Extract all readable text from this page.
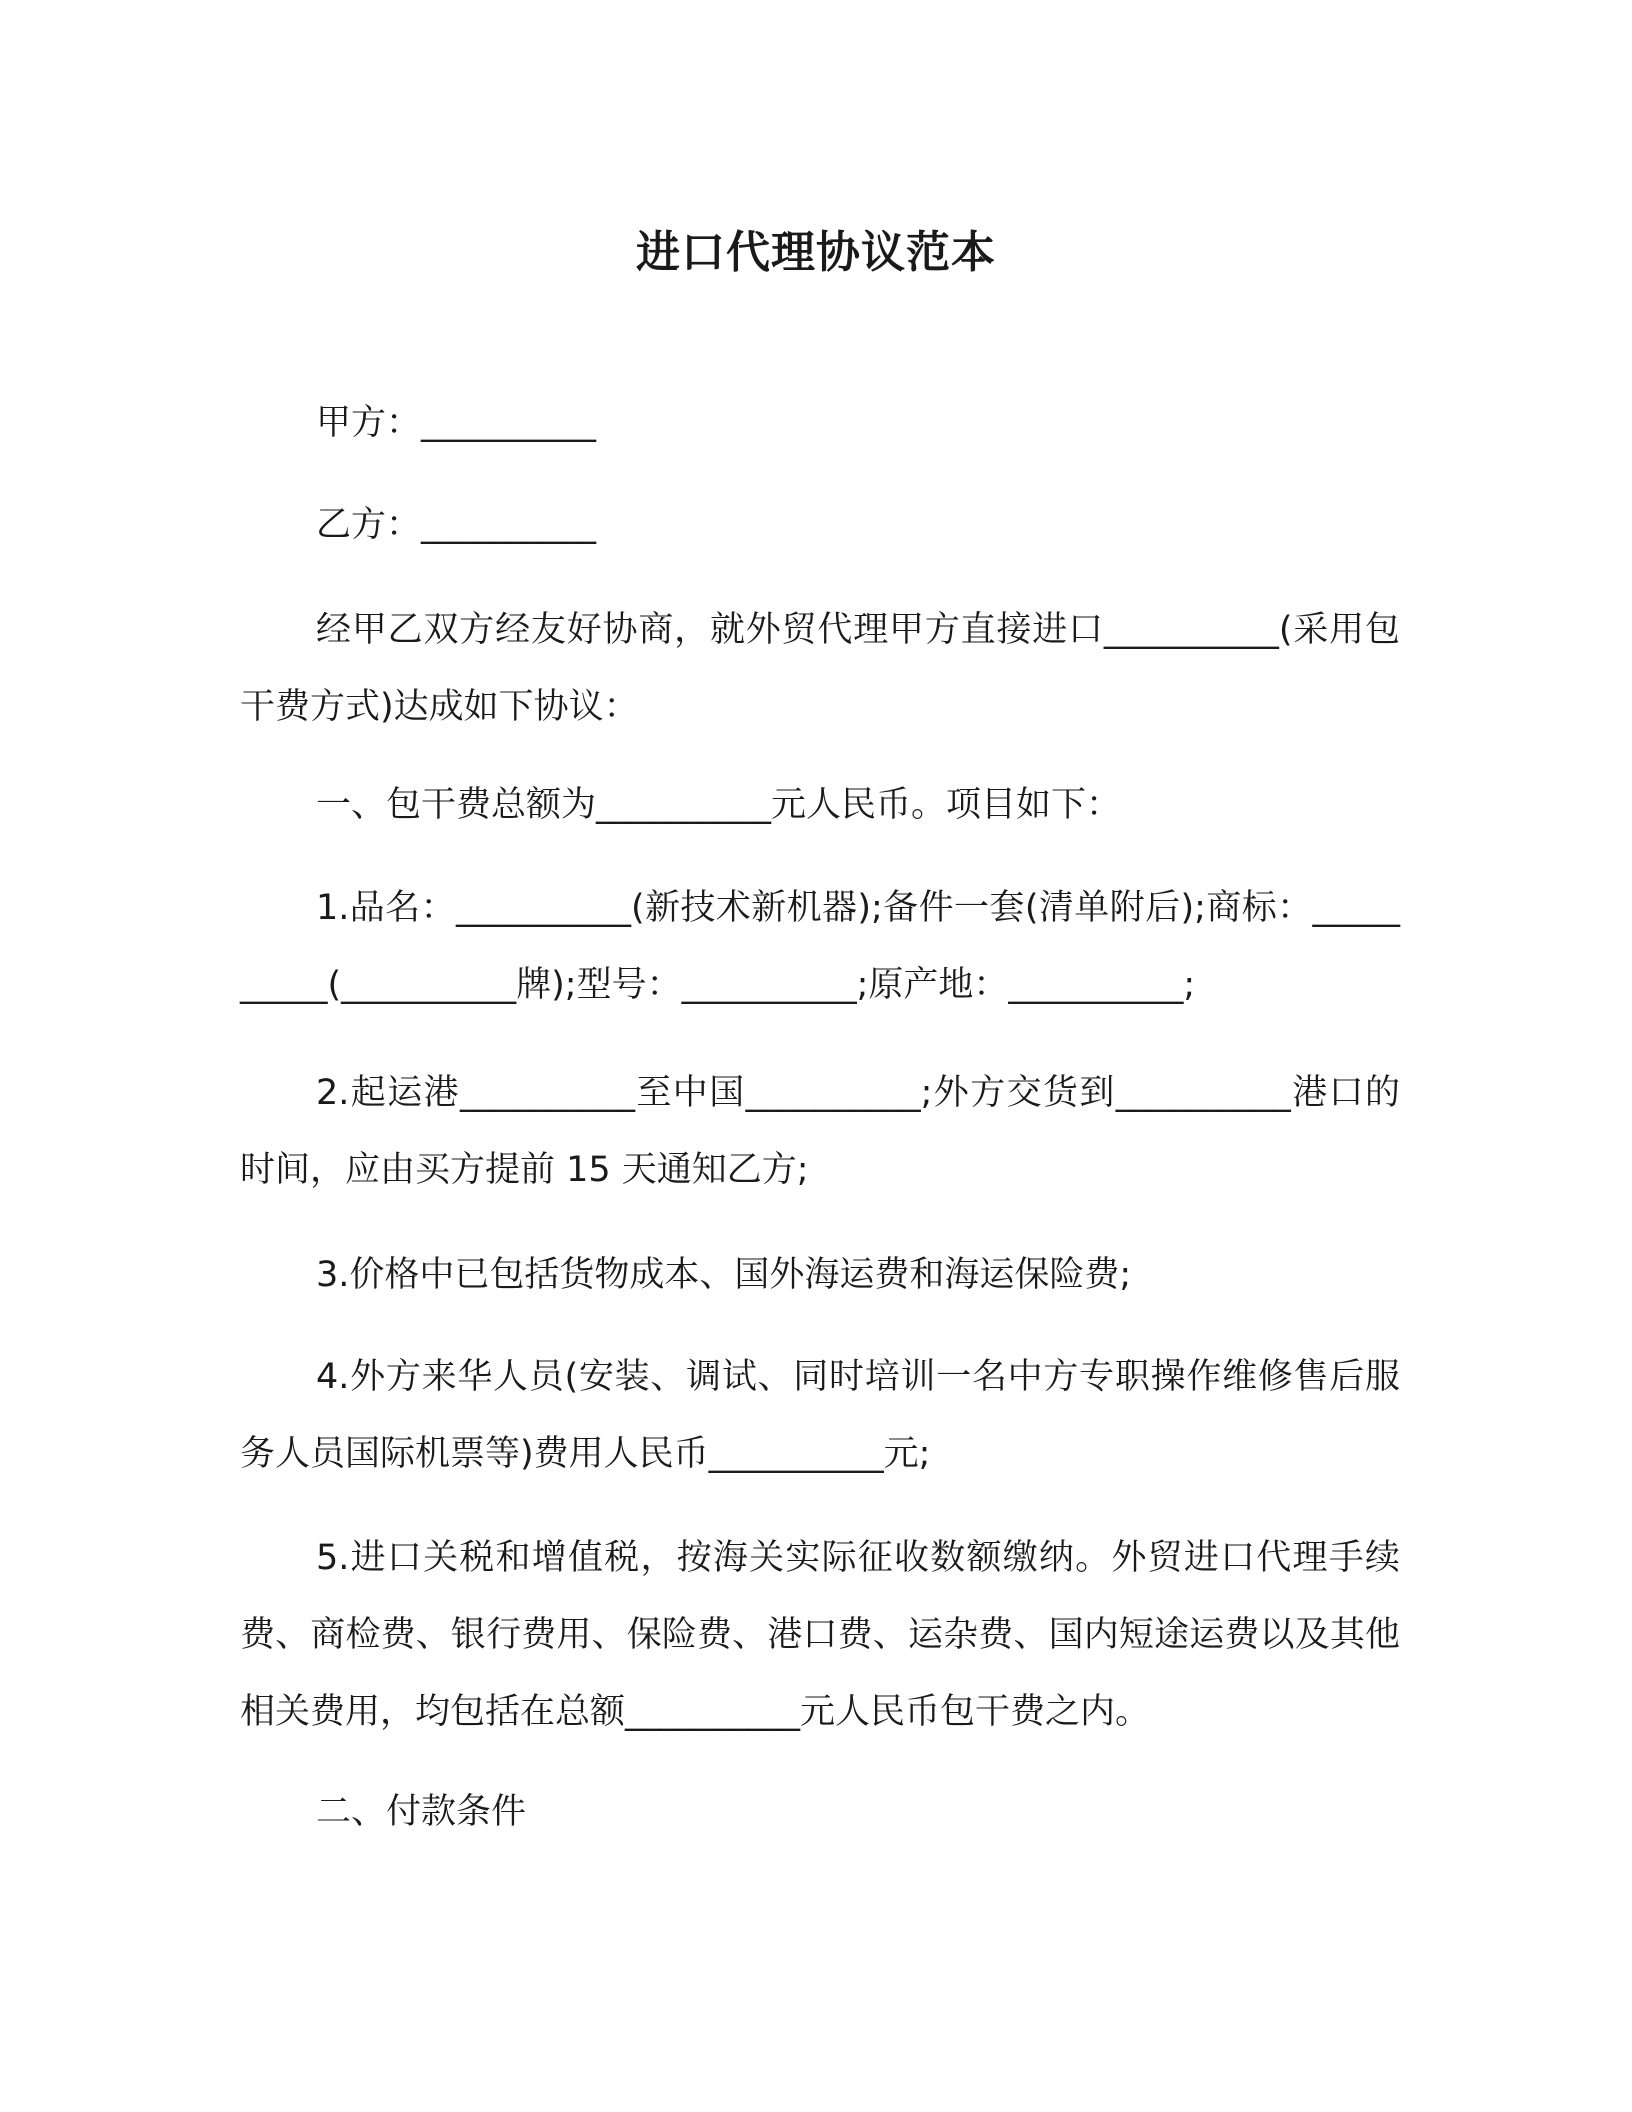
进口代理协议范本
甲方：__________
乙方：__________
经甲乙双方经友好协商，就外贸代理甲方直接进口__________(采用包干费方式)达成如下协议：
一、包干费总额为__________元人民币。项目如下：
1.品名：__________(新技术新机器);备件一套(清单附后);商标：__________(__________牌);型号：__________;原产地：__________;
2.起运港__________至中国__________;外方交货到__________港口的时间，应由买方提前 15 天通知乙方;
3.价格中已包括货物成本、国外海运费和海运保险费;
4.外方来华人员(安装、调试、同时培训一名中方专职操作维修售后服务人员国际机票等)费用人民币__________元;
5.进口关税和增值税，按海关实际征收数额缴纳。外贸进口代理手续费、商检费、银行费用、保险费、港口费、运杂费、国内短途运费以及其他相关费用，均包括在总额__________元人民币包干费之内。
二、付款条件
